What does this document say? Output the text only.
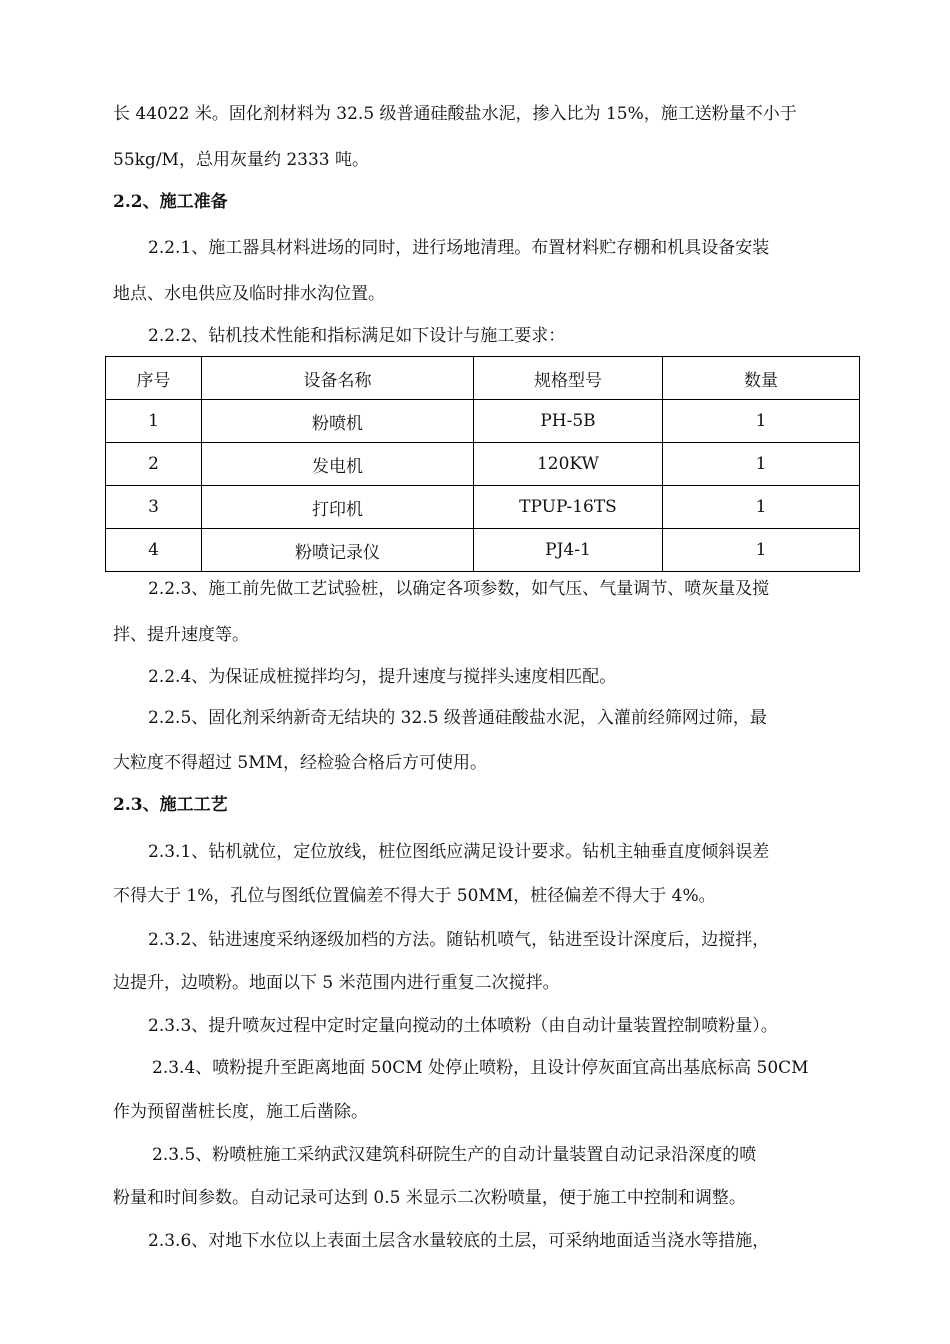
长 44022 米。固化剂材料为 32.5 级普通硅酸盐水泥，掺入比为 15%，施工送粉量不小于
55kg/M，总用灰量约 2333 吨。
2.2、施工准备
2.2.1、施工器具材料进场的同时，进行场地清理。布置材料贮存棚和机具设备安装
地点、水电供应及临时排水沟位置。
2.2.2、钻机技术性能和指标满足如下设计与施工要求：
序号	设备名称	规格型号	数量
1	粉喷机	PH-5B	1
2	发电机	120KW	1
3	打印机	TPUP-16TS	1
4	粉喷记录仪	PJ4-1	1
2.2.3、施工前先做工艺试验桩，以确定各项参数，如气压、气量调节、喷灰量及搅
拌、提升速度等。
2.2.4、为保证成桩搅拌均匀，提升速度与搅拌头速度相匹配。
2.2.5、固化剂采纳新奇无结块的 32.5 级普通硅酸盐水泥，入灌前经筛网过筛，最
大粒度不得超过 5MM，经检验合格后方可使用。
2.3、施工工艺
2.3.1、钻机就位，定位放线，桩位图纸应满足设计要求。钻机主轴垂直度倾斜误差
不得大于 1%，孔位与图纸位置偏差不得大于 50MM，桩径偏差不得大于 4%。
2.3.2、钻进速度采纳逐级加档的方法。随钻机喷气，钻进至设计深度后，边搅拌，
边提升，边喷粉。地面以下 5 米范围内进行重复二次搅拌。
2.3.3、提升喷灰过程中定时定量向搅动的土体喷粉（由自动计量装置控制喷粉量）。
2.3.4、喷粉提升至距离地面 50CM 处停止喷粉，且设计停灰面宜高出基底标高 50CM
作为预留凿桩长度，施工后凿除。
2.3.5、粉喷桩施工采纳武汉建筑科研院生产的自动计量装置自动记录沿深度的喷
粉量和时间参数。自动记录可达到 0.5 米显示二次粉喷量，便于施工中控制和调整。
2.3.6、对地下水位以上表面土层含水量较底的土层，可采纳地面适当浇水等措施，
